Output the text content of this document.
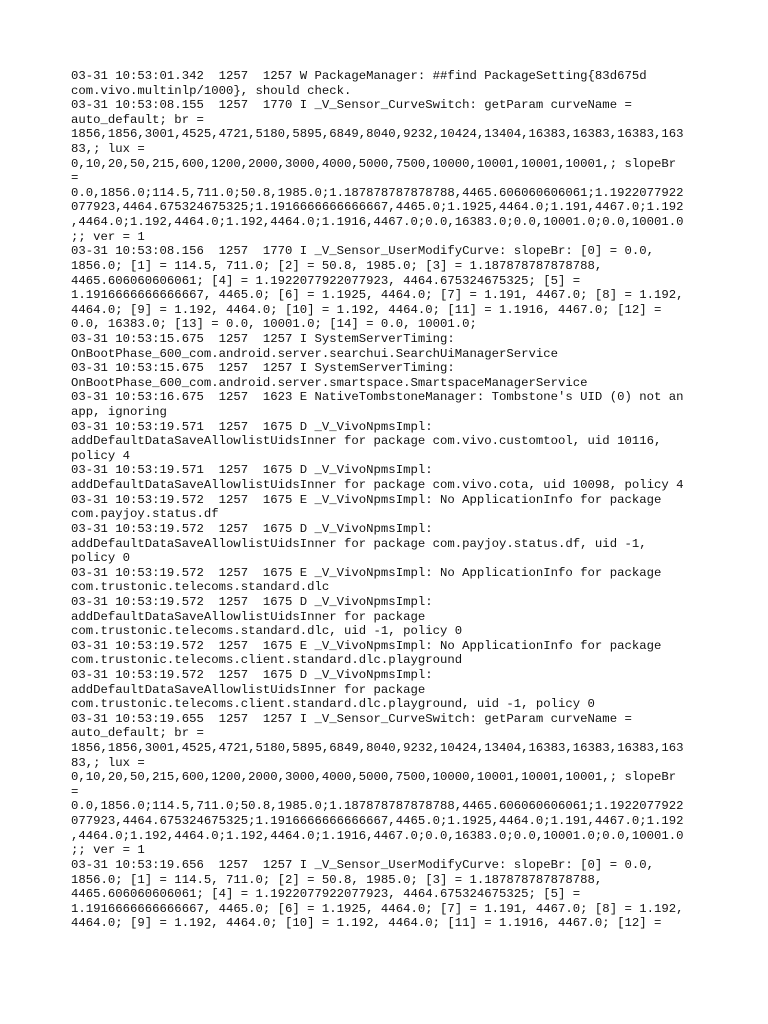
03-31 10:53:01.342  1257  1257 W PackageManager: ##find PackageSetting{83d675d
com.vivo.multinlp/1000}, should check.
03-31 10:53:08.155  1257  1770 I _V_Sensor_CurveSwitch: getParam curveName =
auto_default; br =
1856,1856,3001,4525,4721,5180,5895,6849,8040,9232,10424,13404,16383,16383,16383,163
83,; lux =
0,10,20,50,215,600,1200,2000,3000,4000,5000,7500,10000,10001,10001,10001,; slopeBr
=
0.0,1856.0;114.5,711.0;50.8,1985.0;1.187878787878788,4465.606060606061;1.1922077922
077923,4464.675324675325;1.1916666666666667,4465.0;1.1925,4464.0;1.191,4467.0;1.192
,4464.0;1.192,4464.0;1.192,4464.0;1.1916,4467.0;0.0,16383.0;0.0,10001.0;0.0,10001.0
;; ver = 1
03-31 10:53:08.156  1257  1770 I _V_Sensor_UserModifyCurve: slopeBr: [0] = 0.0,
1856.0; [1] = 114.5, 711.0; [2] = 50.8, 1985.0; [3] = 1.187878787878788,
4465.606060606061; [4] = 1.1922077922077923, 4464.675324675325; [5] =
1.1916666666666667, 4465.0; [6] = 1.1925, 4464.0; [7] = 1.191, 4467.0; [8] = 1.192,
4464.0; [9] = 1.192, 4464.0; [10] = 1.192, 4464.0; [11] = 1.1916, 4467.0; [12] =
0.0, 16383.0; [13] = 0.0, 10001.0; [14] = 0.0, 10001.0;
03-31 10:53:15.675  1257  1257 I SystemServerTiming:
OnBootPhase_600_com.android.server.searchui.SearchUiManagerService
03-31 10:53:15.675  1257  1257 I SystemServerTiming:
OnBootPhase_600_com.android.server.smartspace.SmartspaceManagerService
03-31 10:53:16.675  1257  1623 E NativeTombstoneManager: Tombstone's UID (0) not an
app, ignoring
03-31 10:53:19.571  1257  1675 D _V_VivoNpmsImpl:
addDefaultDataSaveAllowlistUidsInner for package com.vivo.customtool, uid 10116,
policy 4
03-31 10:53:19.571  1257  1675 D _V_VivoNpmsImpl:
addDefaultDataSaveAllowlistUidsInner for package com.vivo.cota, uid 10098, policy 4
03-31 10:53:19.572  1257  1675 E _V_VivoNpmsImpl: No ApplicationInfo for package
com.payjoy.status.df
03-31 10:53:19.572  1257  1675 D _V_VivoNpmsImpl:
addDefaultDataSaveAllowlistUidsInner for package com.payjoy.status.df, uid -1,
policy 0
03-31 10:53:19.572  1257  1675 E _V_VivoNpmsImpl: No ApplicationInfo for package
com.trustonic.telecoms.standard.dlc
03-31 10:53:19.572  1257  1675 D _V_VivoNpmsImpl:
addDefaultDataSaveAllowlistUidsInner for package
com.trustonic.telecoms.standard.dlc, uid -1, policy 0
03-31 10:53:19.572  1257  1675 E _V_VivoNpmsImpl: No ApplicationInfo for package
com.trustonic.telecoms.client.standard.dlc.playground
03-31 10:53:19.572  1257  1675 D _V_VivoNpmsImpl:
addDefaultDataSaveAllowlistUidsInner for package
com.trustonic.telecoms.client.standard.dlc.playground, uid -1, policy 0
03-31 10:53:19.655  1257  1257 I _V_Sensor_CurveSwitch: getParam curveName =
auto_default; br =
1856,1856,3001,4525,4721,5180,5895,6849,8040,9232,10424,13404,16383,16383,16383,163
83,; lux =
0,10,20,50,215,600,1200,2000,3000,4000,5000,7500,10000,10001,10001,10001,; slopeBr
=
0.0,1856.0;114.5,711.0;50.8,1985.0;1.187878787878788,4465.606060606061;1.1922077922
077923,4464.675324675325;1.1916666666666667,4465.0;1.1925,4464.0;1.191,4467.0;1.192
,4464.0;1.192,4464.0;1.192,4464.0;1.1916,4467.0;0.0,16383.0;0.0,10001.0;0.0,10001.0
;; ver = 1
03-31 10:53:19.656  1257  1257 I _V_Sensor_UserModifyCurve: slopeBr: [0] = 0.0,
1856.0; [1] = 114.5, 711.0; [2] = 50.8, 1985.0; [3] = 1.187878787878788,
4465.606060606061; [4] = 1.1922077922077923, 4464.675324675325; [5] =
1.1916666666666667, 4465.0; [6] = 1.1925, 4464.0; [7] = 1.191, 4467.0; [8] = 1.192,
4464.0; [9] = 1.192, 4464.0; [10] = 1.192, 4464.0; [11] = 1.1916, 4467.0; [12] =
